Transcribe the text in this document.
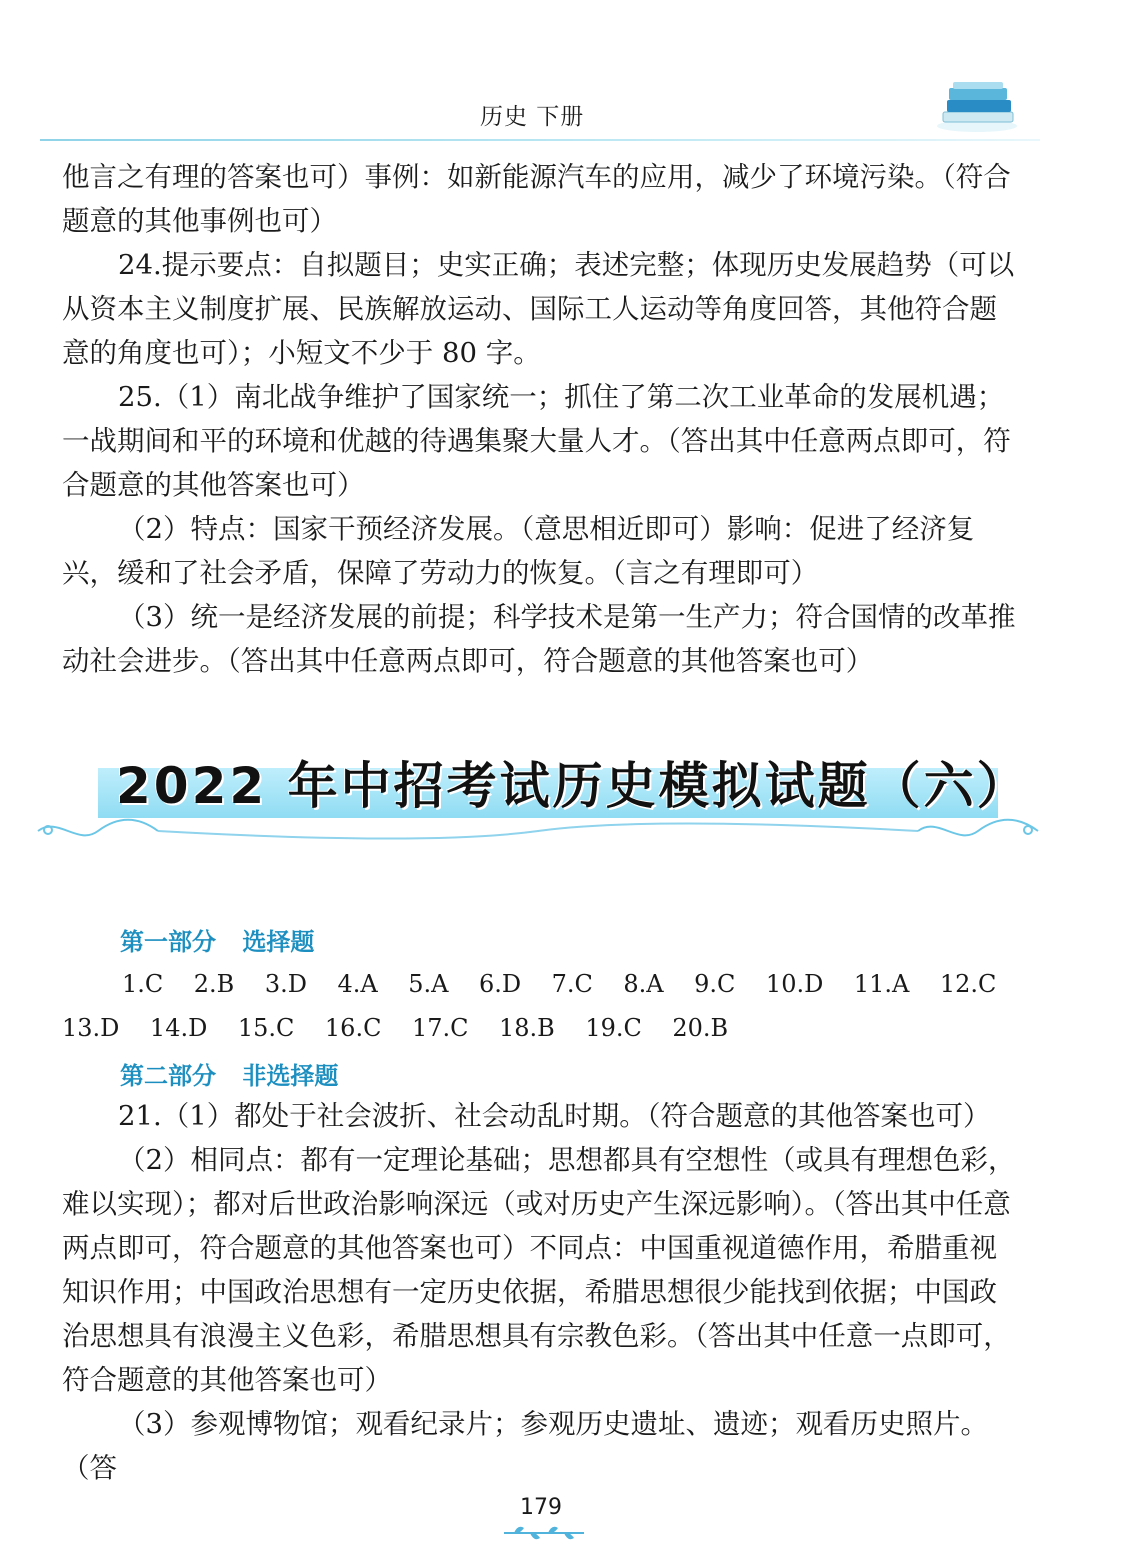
历史 下册

他言之有理的答案也可）事例：如新能源汽车的应用，减少了环境污染。（符合题意的其他事例也可）

24.提示要点：自拟题目；史实正确；表述完整；体现历史发展趋势（可以从资本主义制度扩展、民族解放运动、国际工人运动等角度回答，其他符合题意的角度也可）；小短文不少于 80 字。

25.（1）南北战争维护了国家统一；抓住了第二次工业革命的发展机遇；一战期间和平的环境和优越的待遇集聚大量人才。（答出其中任意两点即可，符合题意的其他答案也可）

（2）特点：国家干预经济发展。（意思相近即可）影响：促进了经济复兴，缓和了社会矛盾，保障了劳动力的恢复。（言之有理即可）

（3）统一是经济发展的前提；科学技术是第一生产力；符合国情的改革推动社会进步。（答出其中任意两点即可，符合题意的其他答案也可）

2022 年中招考试历史模拟试题（六）
第一部分 选择题
1.C    2.B    3.D    4.A    5.A    6.D    7.C    8.A    9.C    10.D    11.A    12.C
13.D    14.D    15.C    16.C    17.C    18.B    19.C    20.B
第二部分 非选择题

21.（1）都处于社会波折、社会动乱时期。（符合题意的其他答案也可）

（2）相同点：都有一定理论基础；思想都具有空想性（或具有理想色彩，难以实现）；都对后世政治影响深远（或对历史产生深远影响）。（答出其中任意两点即可，符合题意的其他答案也可）不同点：中国重视道德作用，希腊重视知识作用；中国政治思想有一定历史依据，希腊思想很少能找到依据；中国政治思想具有浪漫主义色彩，希腊思想具有宗教色彩。（答出其中任意一点即可，符合题意的其他答案也可）

（3）参观博物馆；观看纪录片；参观历史遗址、遗迹；观看历史照片。（答

179
